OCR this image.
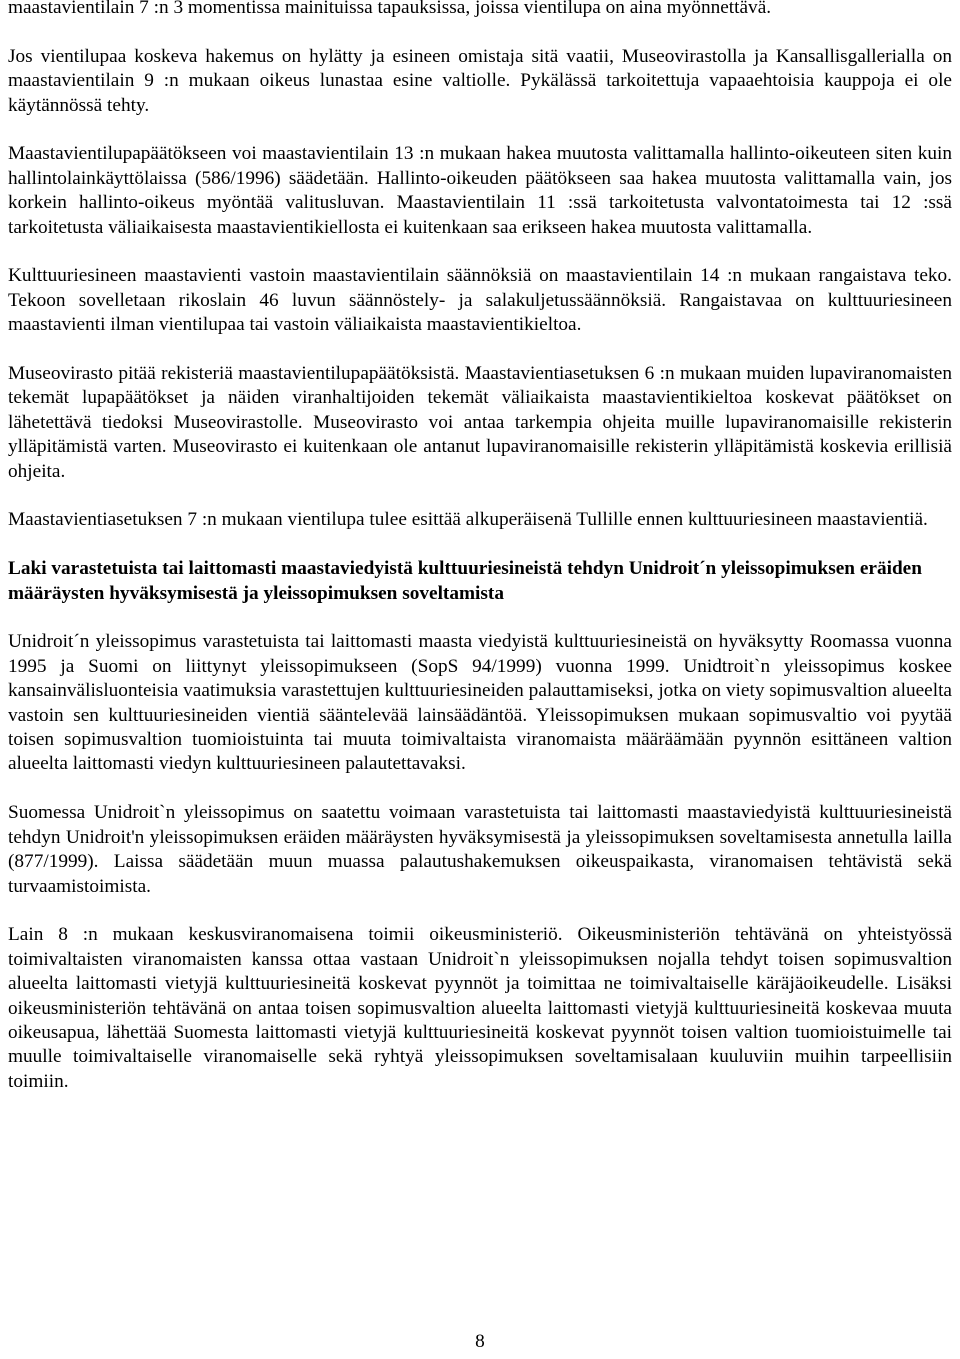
maastavientilain 7 :n 3 momentissa mainituissa tapauksissa, joissa vientilupa on aina myönnettävä.

Jos vientilupaa koskeva hakemus on hylätty ja esineen omistaja sitä vaatii, Museovirastolla ja Kansallisgallerialla on maastavientilain 9 :n mukaan oikeus lunastaa esine valtiolle. Pykälässä tarkoitettuja vapaaehtoisia kauppoja ei ole käytännössä tehty.

Maastavientilupapäätökseen voi maastavientilain 13 :n mukaan hakea muutosta valittamalla hallinto-oikeuteen siten kuin hallintolainkäyttölaissa (586/1996) säädetään. Hallinto-oikeuden päätökseen saa hakea muutosta valittamalla vain, jos korkein hallinto-oikeus myöntää valitusluvan. Maastavientilain 11 :ssä tarkoitetusta valvontatoimesta tai 12 :ssä tarkoitetusta väliaikaisesta maastavientikiellosta ei kuitenkaan saa erikseen hakea muutosta valittamalla.

Kulttuuriesineen maastavienti vastoin maastavientilain säännöksiä on maastavientilain 14 :n mukaan rangaistava teko. Tekoon sovelletaan rikoslain 46 luvun säännöstely- ja salakuljetussäännöksiä. Rangaistavaa on kulttuuriesineen maastavienti ilman vientilupaa tai vastoin väliaikaista maastavientikieltoa.

Museovirasto pitää rekisteriä maastavientilupapäätöksistä. Maastavientiasetuksen 6 :n mukaan muiden lupaviranomaisten tekemät lupapäätökset ja näiden viranhaltijoiden tekemät väliaikaista maastavientikieltoa koskevat päätökset on lähetettävä tiedoksi Museovirastolle. Museovirasto voi antaa tarkempia ohjeita muille lupaviranomaisille rekisterin ylläpitämistä varten. Museovirasto ei kuitenkaan ole antanut lupaviranomaisille rekisterin ylläpitämistä koskevia erillisiä ohjeita.

Maastavientiasetuksen 7 :n mukaan vientilupa tulee esittää alkuperäisenä Tullille ennen kulttuuriesineen maastavientiä.

Laki varastetuista tai laittomasti maastaviedyistä kulttuuriesineistä tehdyn Unidroit´n yleissopimuksen eräiden määräysten hyväksymisestä ja yleissopimuksen soveltamista

Unidroit´n yleissopimus varastetuista tai laittomasti maasta viedyistä kulttuuriesineistä on hyväksytty Roomassa vuonna 1995 ja Suomi on liittynyt yleissopimukseen (SopS 94/1999) vuonna 1999. Unidtroit`n yleissopimus koskee kansainvälisluonteisia vaatimuksia varastettujen kulttuuriesineiden palauttamiseksi, jotka on viety sopimusvaltion alueelta vastoin sen kulttuuriesineiden vientiä sääntelevää lainsäädäntöä. Yleissopimuksen mukaan sopimusvaltio voi pyytää toisen sopimusvaltion tuomioistuinta tai muuta toimivaltaista viranomaista määräämään pyynnön esittäneen valtion alueelta laittomasti viedyn kulttuuriesineen palautettavaksi.

Suomessa Unidroit`n yleissopimus on saatettu voimaan varastetuista tai laittomasti maastaviedyistä kulttuuriesineistä tehdyn Unidroit'n yleissopimuksen eräiden määräysten hyväksymisestä ja yleissopimuksen soveltamisesta annetulla lailla (877/1999). Laissa säädetään muun muassa palautushakemuksen oikeuspaikasta, viranomaisen tehtävistä sekä turvaamistoimista.

Lain 8 :n mukaan keskusviranomaisena toimii oikeusministeriö. Oikeusministeriön tehtävänä on yhteistyössä toimivaltaisten viranomaisten kanssa ottaa vastaan Unidroit`n yleissopimuksen nojalla tehdyt toisen sopimusvaltion alueelta laittomasti vietyjä kulttuuriesineitä koskevat pyynnöt ja toimittaa ne toimivaltaiselle käräjäoikeudelle. Lisäksi oikeusministeriön tehtävänä on antaa toisen sopimusvaltion alueelta laittomasti vietyjä kulttuuriesineitä koskevaa muuta oikeusapua, lähettää Suomesta laittomasti vietyjä kulttuuriesineitä koskevat pyynnöt toisen valtion tuomioistuimelle tai muulle toimivaltaiselle viranomaiselle sekä ryhtyä yleissopimuksen soveltamisalaan kuuluviin muihin tarpeellisiin toimiin.

8
